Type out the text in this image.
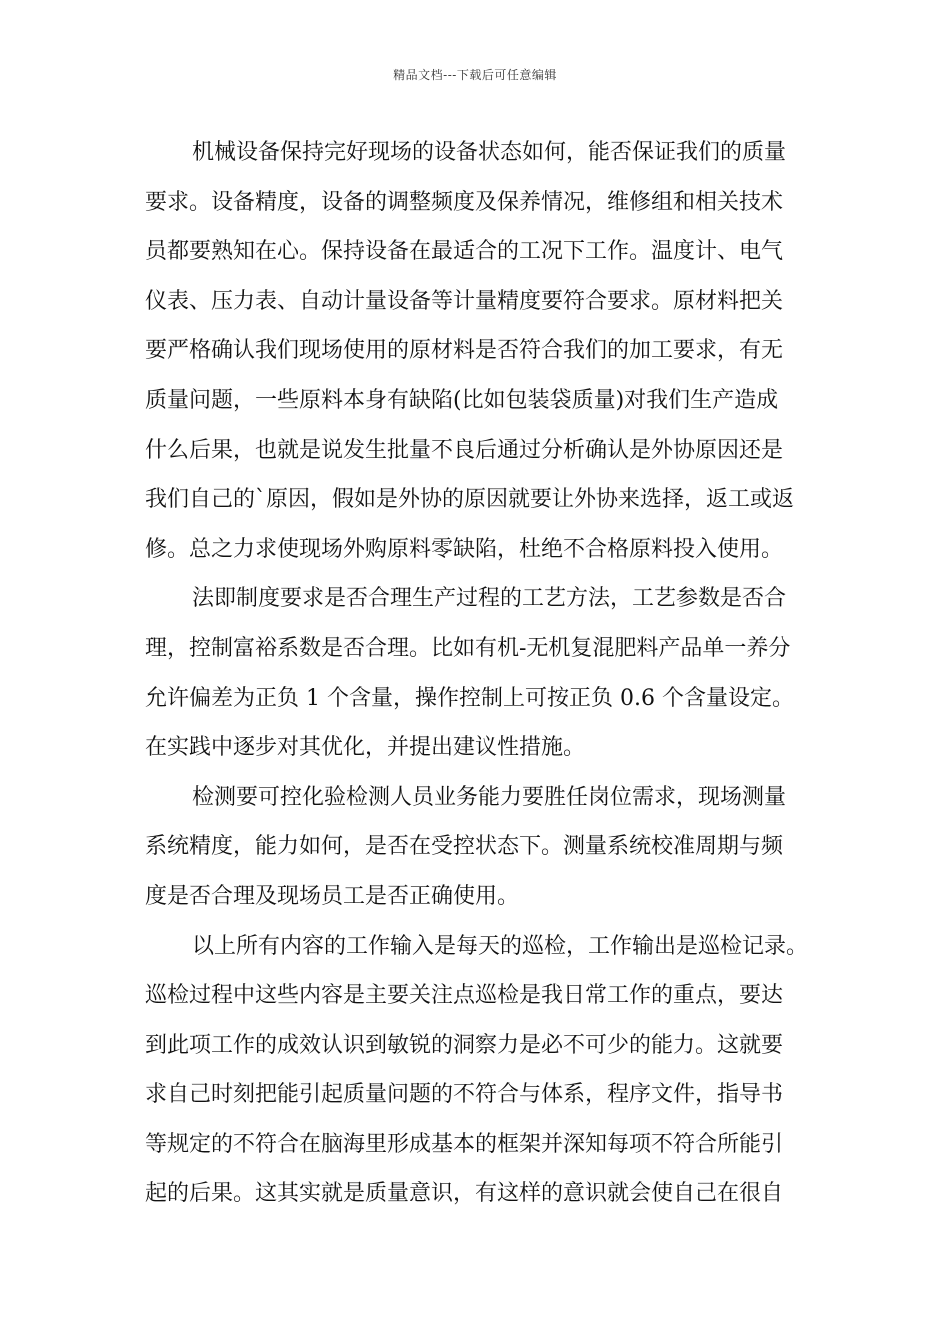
精品文档---下载后可任意编辑
机械设备保持完好现场的设备状态如何，能否保证我们的质量
要求。设备精度，设备的调整频度及保养情况，维修组和相关技术
员都要熟知在心。保持设备在最适合的工况下工作。温度计、电气
仪表、压力表、自动计量设备等计量精度要符合要求。原材料把关
要严格确认我们现场使用的原材料是否符合我们的加工要求，有无
质量问题，一些原料本身有缺陷(比如包装袋质量)对我们生产造成
什么后果，也就是说发生批量不良后通过分析确认是外协原因还是
我们自己的`原因，假如是外协的原因就要让外协来选择，返工或返
修。总之力求使现场外购原料零缺陷，杜绝不合格原料投入使用。
法即制度要求是否合理生产过程的工艺方法，工艺参数是否合
理，控制富裕系数是否合理。比如有机-无机复混肥料产品单一养分
允许偏差为正负 1 个含量，操作控制上可按正负 0.6 个含量设定。
在实践中逐步对其优化，并提出建议性措施。
检测要可控化验检测人员业务能力要胜任岗位需求，现场测量
系统精度，能力如何，是否在受控状态下。测量系统校准周期与频
度是否合理及现场员工是否正确使用。
以上所有内容的工作输入是每天的巡检，工作输出是巡检记录。
巡检过程中这些内容是主要关注点巡检是我日常工作的重点，要达
到此项工作的成效认识到敏锐的洞察力是必不可少的能力。这就要
求自己时刻把能引起质量问题的不符合与体系，程序文件，指导书
等规定的不符合在脑海里形成基本的框架并深知每项不符合所能引
起的后果。这其实就是质量意识，有这样的意识就会使自己在很自
